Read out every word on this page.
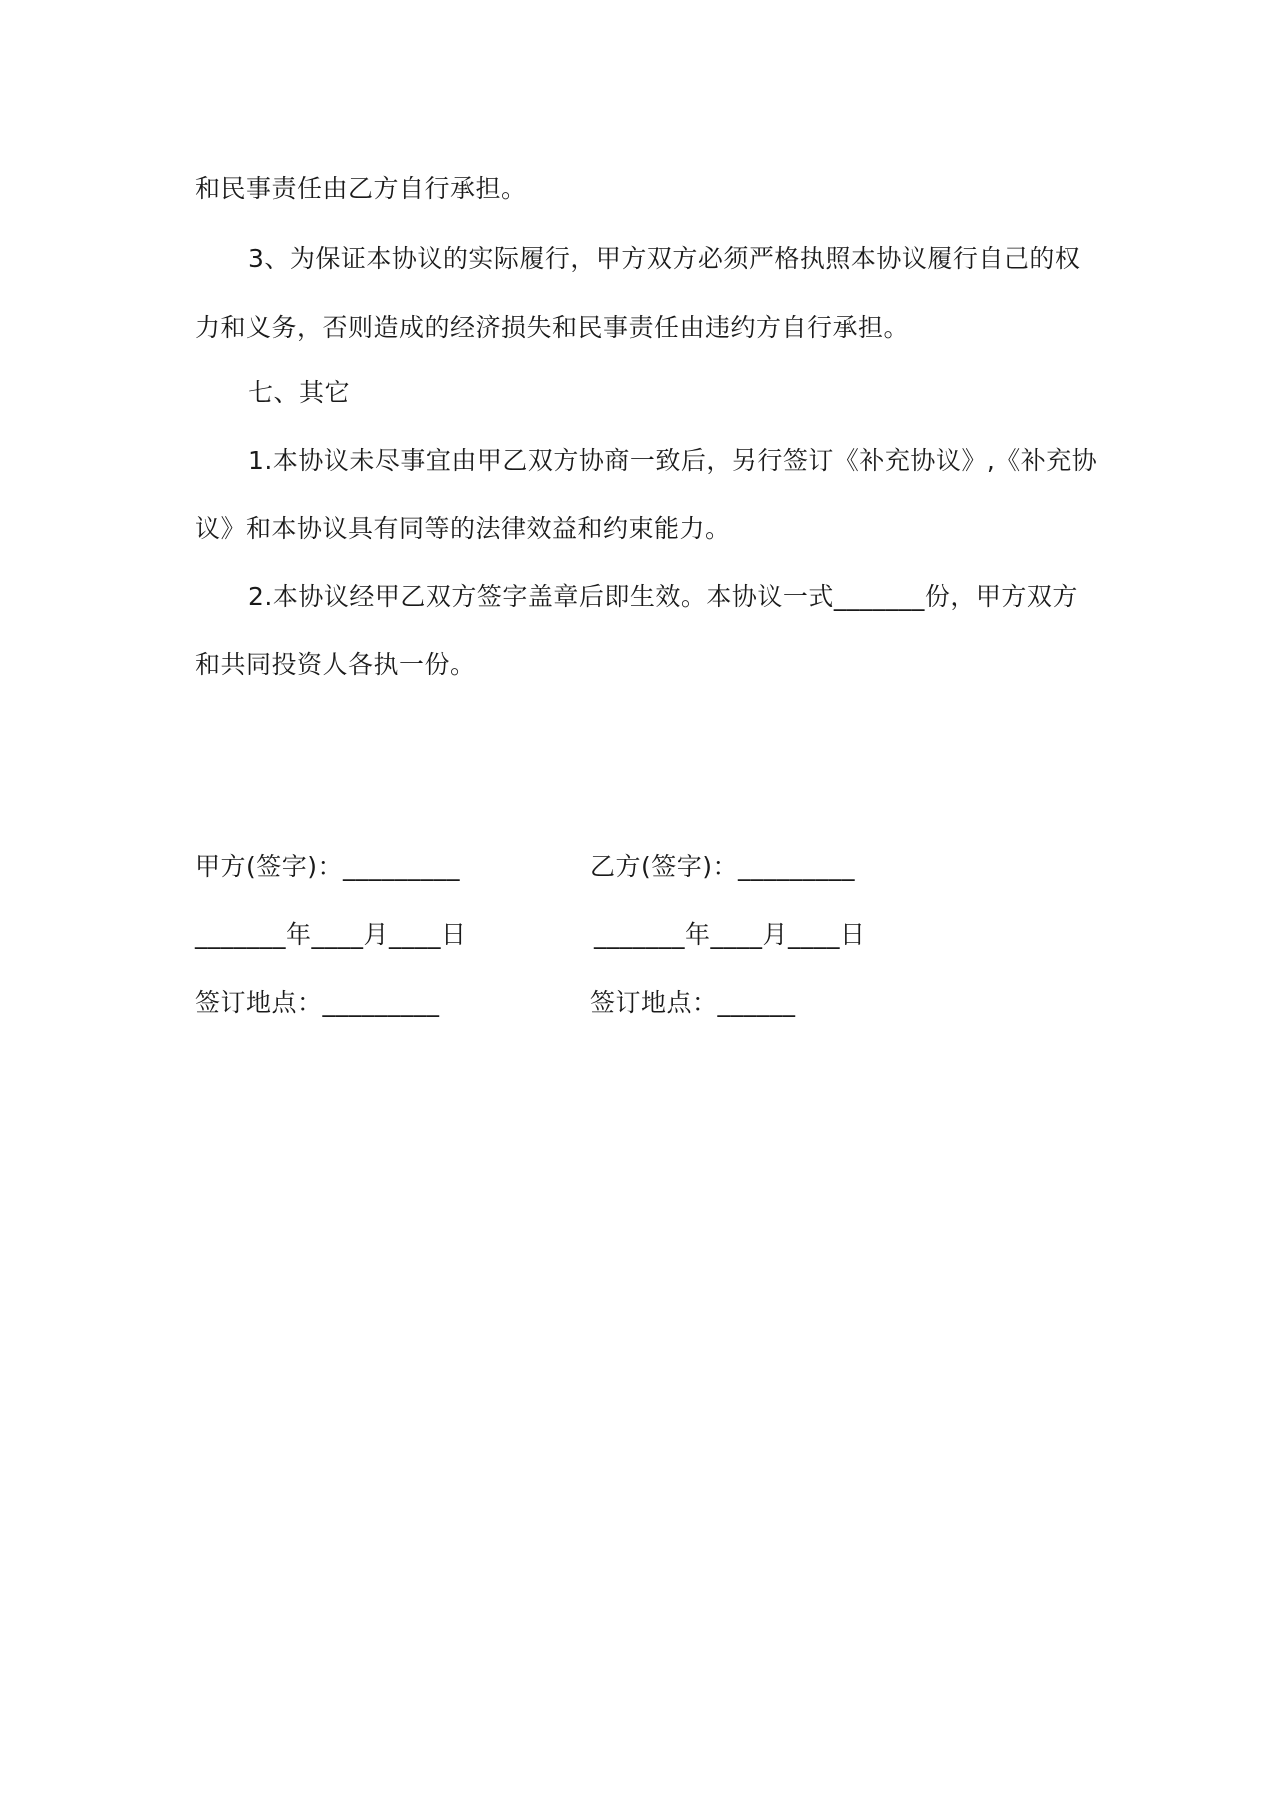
和民事责任由乙方自行承担。
3、为保证本协议的实际履行，甲方双方必须严格执照本协议履行自己的权
力和义务，否则造成的经济损失和民事责任由违约方自行承担。
七、其它
1.本协议未尽事宜由甲乙双方协商一致后，另行签订《补充协议》,《补充协
议》和本协议具有同等的法律效益和约束能力。
2.本协议经甲乙双方签字盖章后即生效。本协议一式_______份，甲方双方
和共同投资人各执一份。
甲方(签字)：_________	乙方(签字)：_________
_______年____月____日	_______年____月____日
签订地点：_________	签订地点：______
